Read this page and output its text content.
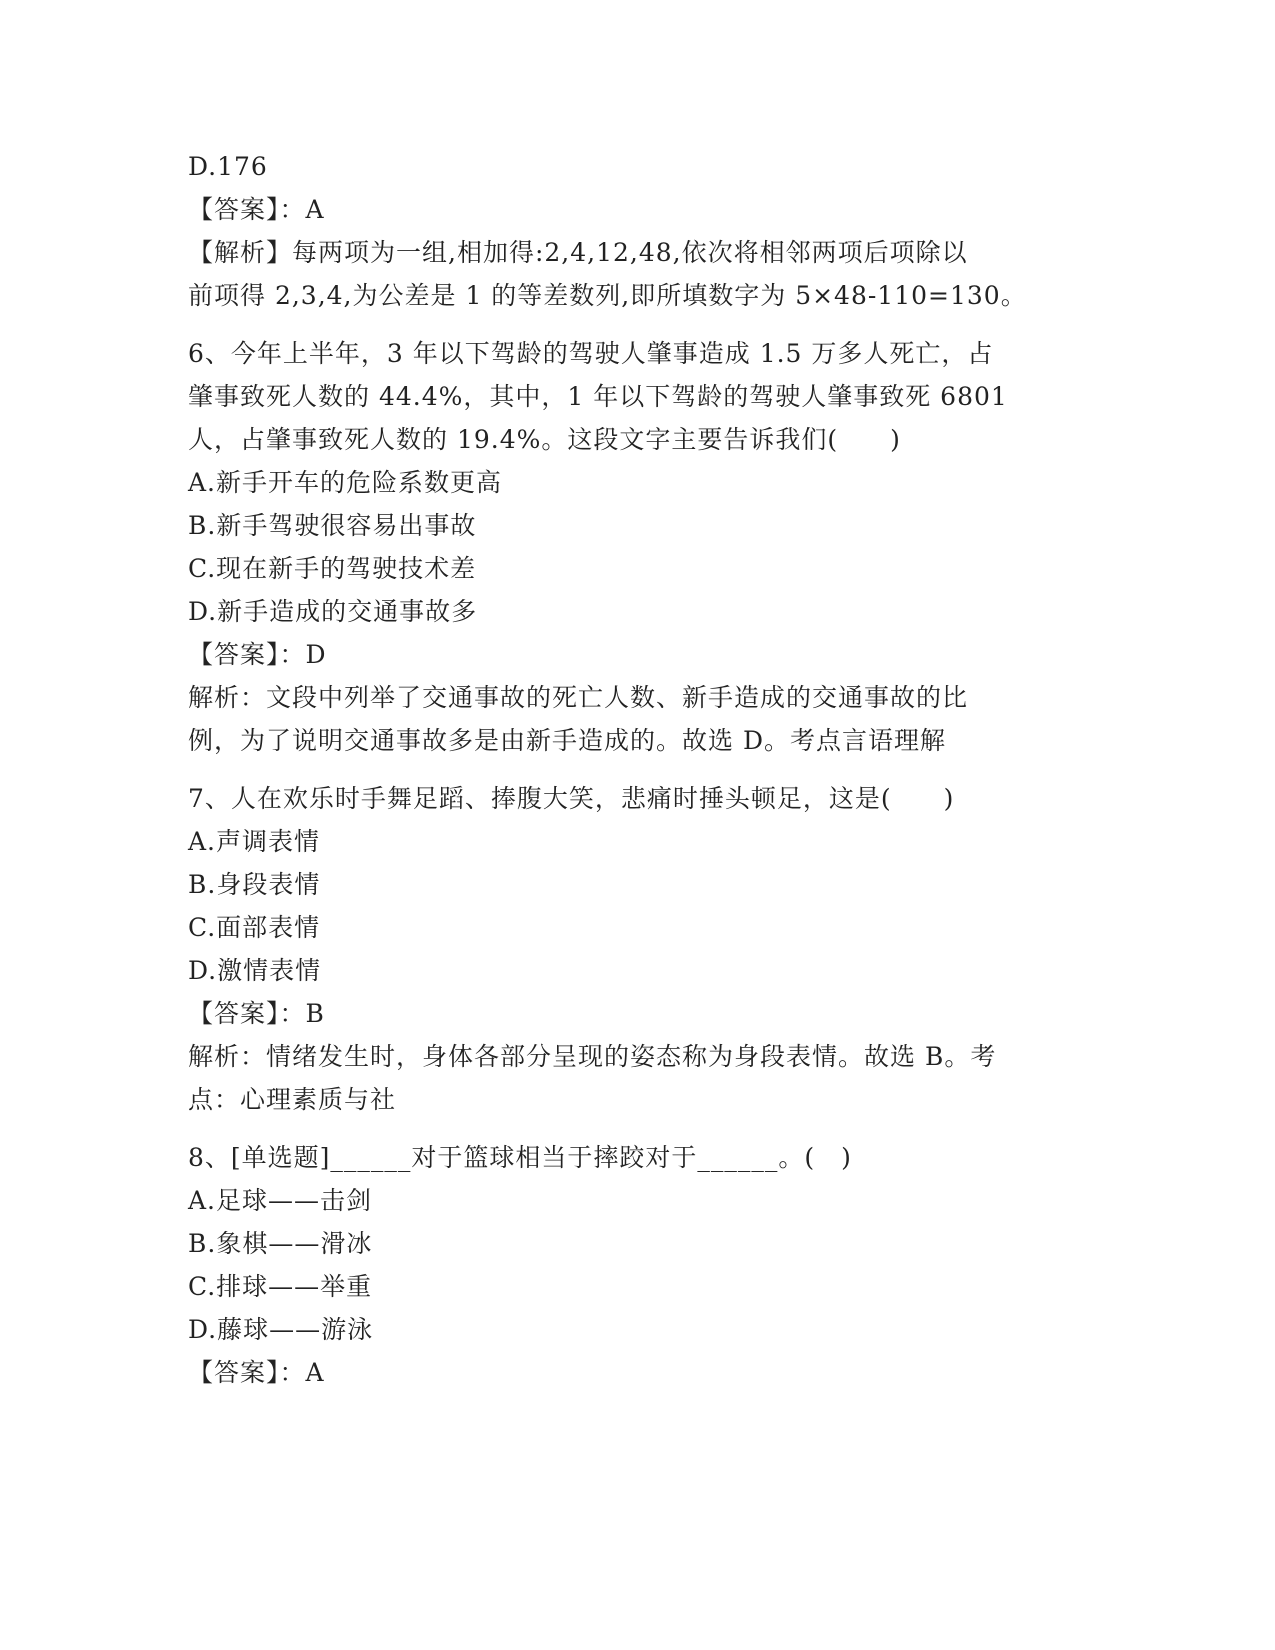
D.176
【答案】：A
【解析】每两项为一组,相加得:2,4,12,48,依次将相邻两项后项除以
前项得 2,3,4,为公差是 1 的等差数列,即所填数字为 5×48-110=130。
6、今年上半年，3 年以下驾龄的驾驶人肇事造成 1.5 万多人死亡，占
肇事致死人数的 44.4%，其中，1 年以下驾龄的驾驶人肇事致死 6801
人，占肇事致死人数的 19.4%。这段文字主要告诉我们(　　)
A.新手开车的危险系数更高
B.新手驾驶很容易出事故
C.现在新手的驾驶技术差
D.新手造成的交通事故多
【答案】：D
解析：文段中列举了交通事故的死亡人数、新手造成的交通事故的比
例，为了说明交通事故多是由新手造成的。故选 D。考点言语理解
7、人在欢乐时手舞足蹈、捧腹大笑，悲痛时捶头顿足，这是(　　)
A.声调表情
B.身段表情
C.面部表情
D.激情表情
【答案】：B
解析：情绪发生时，身体各部分呈现的姿态称为身段表情。故选 B。考
点：心理素质与社
8、[单选题]______对于篮球相当于摔跤对于______。(　)
A.足球——击剑
B.象棋——滑冰
C.排球——举重
D.藤球——游泳
【答案】：A
